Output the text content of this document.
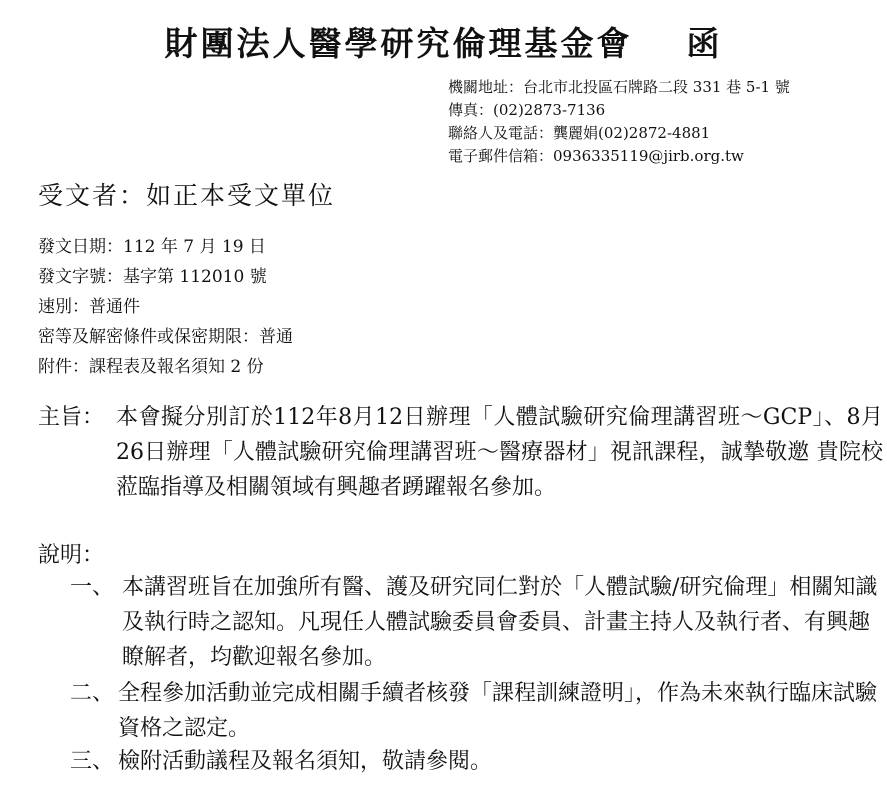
財團法人醫學研究倫理基金會 函
機關地址：台北市北投區石牌路二段 331 巷 5-1 號
傳真：(02)2873-7136
聯絡人及電話：龔麗娟(02)2872-4881
電子郵件信箱：0936335119@jirb.org.tw
受文者：如正本受文單位
發文日期：112 年 7 月 19 日
發文字號：基字第 112010 號
速別：普通件
密等及解密條件或保密期限：普通
附件：課程表及報名須知 2 份
主旨： 本會擬分別訂於112年8月12日辦理「人體試驗研究倫理講習班～GCP」、8月26日辦理「人體試驗研究倫理講習班～醫療器材」視訊課程，誠摯敬邀 貴院校蒞臨指導及相關領域有興趣者踴躍報名參加。
說明：
一、 本講習班旨在加強所有醫、護及研究同仁對於「人體試驗/研究倫理」相關知識及執行時之認知。凡現任人體試驗委員會委員、計畫主持人及執行者、有興趣瞭解者，均歡迎報名參加。
二、 全程參加活動並完成相關手續者核發「課程訓練證明」，作為未來執行臨床試驗資格之認定。
三、 檢附活動議程及報名須知，敬請參閱。
